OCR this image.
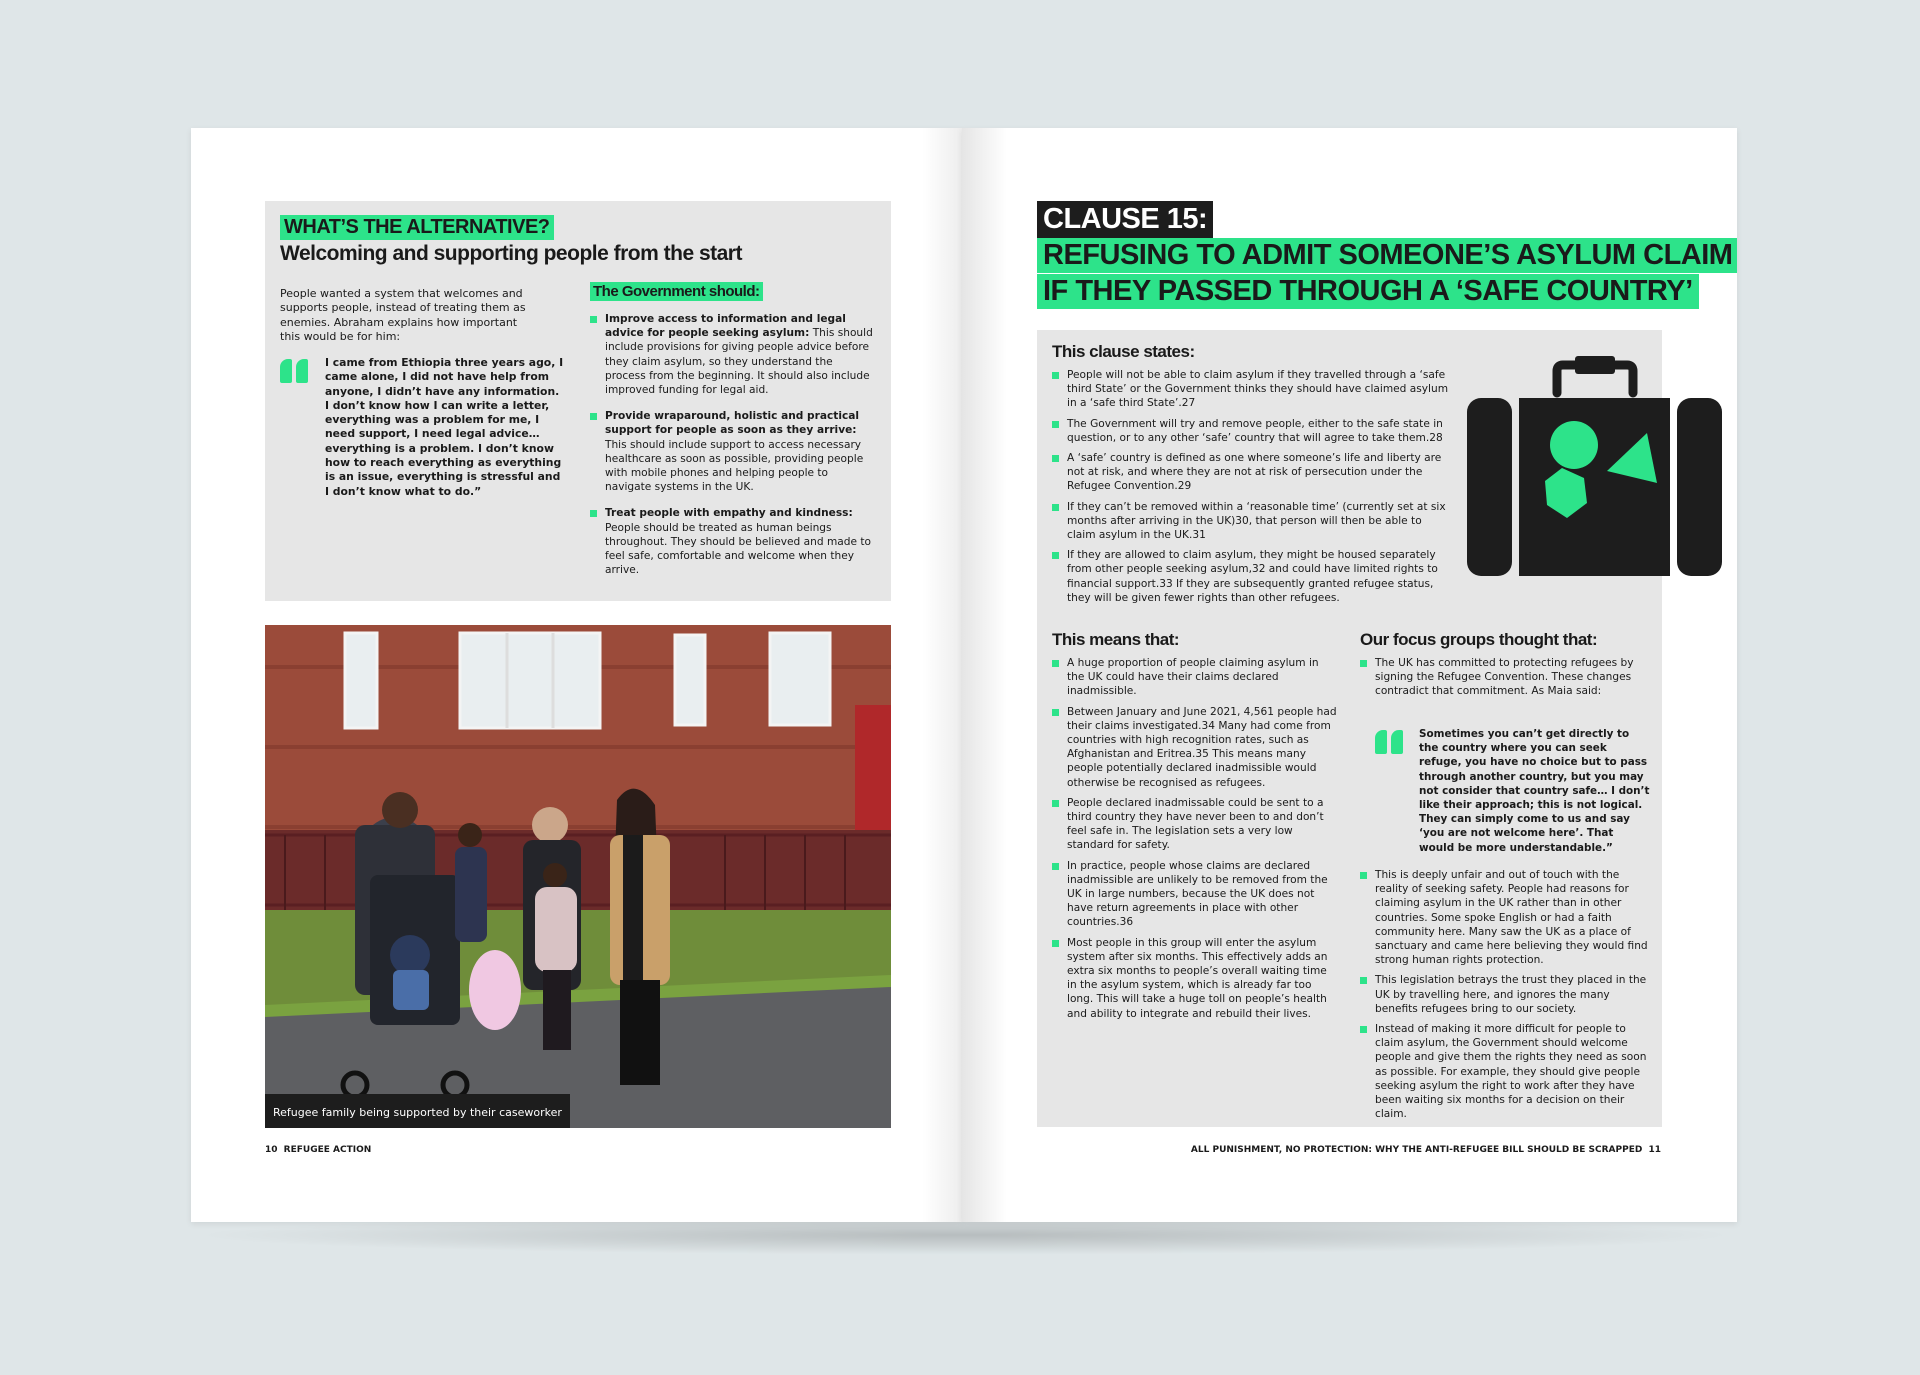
WHAT’S THE ALTERNATIVE?
Welcoming and supporting people from the start

People wanted a system that welcomes and supports people, instead of treating them as enemies. Abraham explains how important this would be for him:

I came from Ethiopia three years ago, I came alone, I did not have help from anyone, I didn’t have any information. I don’t know how I can write a letter, everything was a problem for me, I need support, I need legal advice… everything is a problem. I don’t know how to reach everything as everything is an issue, everything is stressful and I don’t know what to do.”

The Government should:
Improve access to information and legal advice for people seeking asylum: This should include provisions for giving people advice before they claim asylum, so they understand the process from the beginning. It should also include improved funding for legal aid.
Provide wraparound, holistic and practical support for people as soon as they arrive: This should include support to access necessary healthcare as soon as possible, providing people with mobile phones and helping people to navigate systems in the UK.
Treat people with empathy and kindness: People should be treated as human beings throughout. They should be believed and made to feel safe, comfortable and welcome when they arrive.
Refugee family being supported by their caseworker
10 REFUGEE ACTION
CLAUSE 15:
REFUSING TO ADMIT SOMEONE’S ASYLUM CLAIM
IF THEY PASSED THROUGH A ‘SAFE COUNTRY’
This clause states:
People will not be able to claim asylum if they travelled through a ‘safe third State’ or the Government thinks they should have claimed asylum in a ‘safe third State’.27
The Government will try and remove people, either to the safe state in question, or to any other ‘safe’ country that will agree to take them.28
A ‘safe’ country is defined as one where someone’s life and liberty are not at risk, and where they are not at risk of persecution under the Refugee Convention.29
If they can’t be removed within a ‘reasonable time’ (currently set at six months after arriving in the UK)30, that person will then be able to claim asylum in the UK.31
If they are allowed to claim asylum, they might be housed separately from other people seeking asylum,32 and could have limited rights to financial support.33 If they are subsequently granted refugee status, they will be given fewer rights than other refugees.
This means that:
A huge proportion of people claiming asylum in the UK could have their claims declared inadmissible.
Between January and June 2021, 4,561 people had their claims investigated.34 Many had come from countries with high recognition rates, such as Afghanistan and Eritrea.35 This means many people potentially declared inadmissible would otherwise be recognised as refugees.
People declared inadmissable could be sent to a third country they have never been to and don’t feel safe in. The legislation sets a very low standard for safety.
In practice, people whose claims are declared inadmissible are unlikely to be removed from the UK in large numbers, because the UK does not have return agreements in place with other countries.36
Most people in this group will enter the asylum system after six months. This effectively adds an extra six months to people’s overall waiting time in the asylum system, which is already far too long. This will take a huge toll on people’s health and ability to integrate and rebuild their lives.
Our focus groups thought that:
The UK has committed to protecting refugees by signing the Refugee Convention. These changes contradict that commitment. As Maia said:

Sometimes you can’t get directly to the country where you can seek refuge, you have no choice but to pass through another country, but you may not consider that country safe… I don’t like their approach; this is not logical. They can simply come to us and say ‘you are not welcome here’. That would be more understandable.”

This is deeply unfair and out of touch with the reality of seeking safety. People had reasons for claiming asylum in the UK rather than in other countries. Some spoke English or had a faith community here. Many saw the UK as a place of sanctuary and came here believing they would find strong human rights protection.
This legislation betrays the trust they placed in the UK by travelling here, and ignores the many benefits refugees bring to our society.
Instead of making it more difficult for people to claim asylum, the Government should welcome people and give them the rights they need as soon as possible. For example, they should give people seeking asylum the right to work after they have been waiting six months for a decision on their claim.
ALL PUNISHMENT, NO PROTECTION: WHY THE ANTI-REFUGEE BILL SHOULD BE SCRAPPED 11
